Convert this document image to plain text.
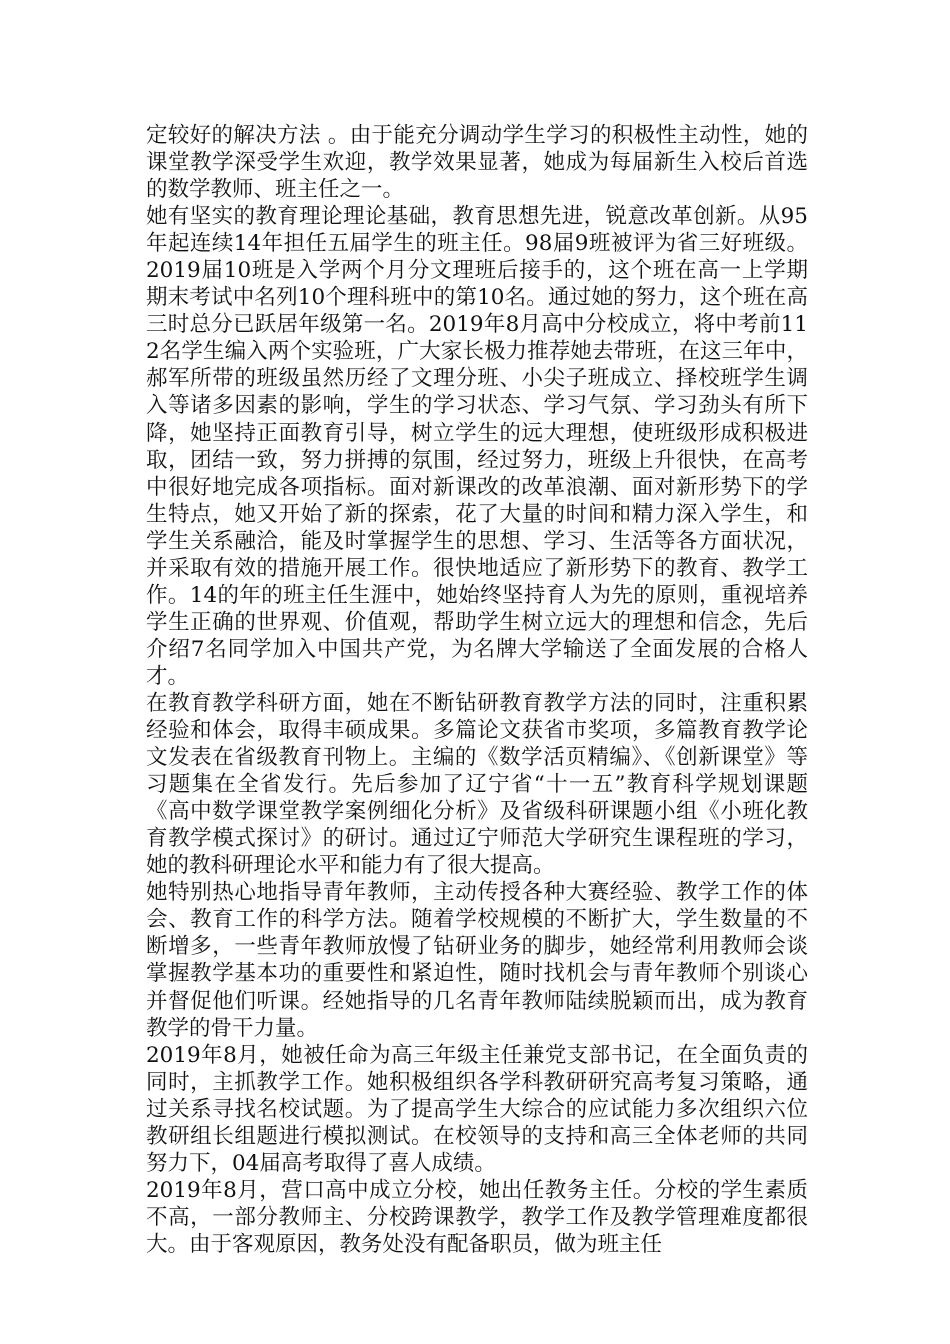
定较好的解决方法 。由于能充分调动学生学习的积极性主动性，她的课堂教学深受学生欢迎，教学效果显著，她成为每届新生入校后首选的数学教师、班主任之一。

她有坚实的教育理论理论基础，教育思想先进，锐意改革创新。从95年起连续14年担任五届学生的班主任。98届9班被评为省三好班级。 2019届10班是入学两个月分文理班后接手的，这个班在高一上学期期末考试中名列10个理科班中的第10名。通过她的努力，这个班在高三时总分已跃居年级第一名。2019年8月高中分校成立，将中考前112名学生编入两个实验班，广大家长极力推荐她去带班，在这三年中，郝军所带的班级虽然历经了文理分班、小尖子班成立、择校班学生调入等诸多因素的影响，学生的学习状态、学习气氛、学习劲头有所下降，她坚持正面教育引导，树立学生的远大理想，使班级形成积极进取，团结一致，努力拼搏的氛围，经过努力，班级上升很快，在高考中很好地完成各项指标。面对新课改的改革浪潮、面对新形势下的学生特点，她又开始了新的探索，花了大量的时间和精力深入学生，和学生关系融洽，能及时掌握学生的思想、学习、生活等各方面状况，并采取有效的措施开展工作。很快地适应了新形势下的教育、教学工作。14的年的班主任生涯中，她始终坚持育人为先的原则，重视培养学生正确的世界观、价值观，帮助学生树立远大的理想和信念，先后介绍7名同学加入中国共产党，为名牌大学输送了全面发展的合格人才。

在教育教学科研方面，她在不断钻研教育教学方法的同时，注重积累经验和体会，取得丰硕成果。多篇论文获省市奖项，多篇教育教学论文发表在省级教育刊物上。主编的《数学活页精编》、《创新课堂》等习题集在全省发行。先后参加了辽宁省“十一五”教育科学规划课题《高中数学课堂教学案例细化分析》及省级科研课题小组《小班化教育教学模式探讨》的研讨。通过辽宁师范大学研究生课程班的学习，她的教科研理论水平和能力有了很大提高。

她特别热心地指导青年教师，主动传授各种大赛经验、教学工作的体会、教育工作的科学方法。随着学校规模的不断扩大，学生数量的不断增多，一些青年教师放慢了钻研业务的脚步，她经常利用教师会谈掌握教学基本功的重要性和紧迫性，随时找机会与青年教师个别谈心并督促他们听课。经她指导的几名青年教师陆续脱颖而出，成为教育教学的骨干力量。

2019年8月，她被任命为高三年级主任兼党支部书记，在全面负责的同时，主抓教学工作。她积极组织各学科教研研究高考复习策略，通过关系寻找名校试题。为了提高学生大综合的应试能力多次组织六位教研组长组题进行模拟测试。在校领导的支持和高三全体老师的共同努力下，04届高考取得了喜人成绩。

2019年8月，营口高中成立分校，她出任教务主任。分校的学生素质不高，一部分教师主、分校跨课教学，教学工作及教学管理难度都很大。由于客观原因，教务处没有配备职员，做为班主任
